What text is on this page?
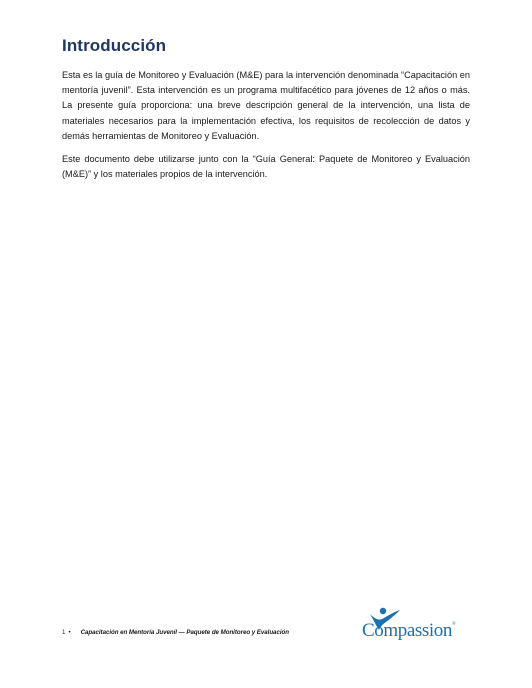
Introducción

Esta es la guía de Monitoreo y Evaluación (M&E) para la intervención denominada “Capacitación en mentoría juvenil”. Esta intervención es un programa multifacético para jóvenes de 12 años o más. La presente guía proporciona: una breve descripción general de la intervención, una lista de materiales necesarios para la implementación efectiva, los requisitos de recolección de datos y demás herramientas de Monitoreo y Evaluación.

Este documento debe utilizarse junto con la “Guía General: Paquete de Monitoreo y Evaluación (M&E)” y los materiales propios de la intervención.

1 • Capacitación en Mentoría Juvenil — Paquete de Monitoreo y Evaluación	Compassion®
